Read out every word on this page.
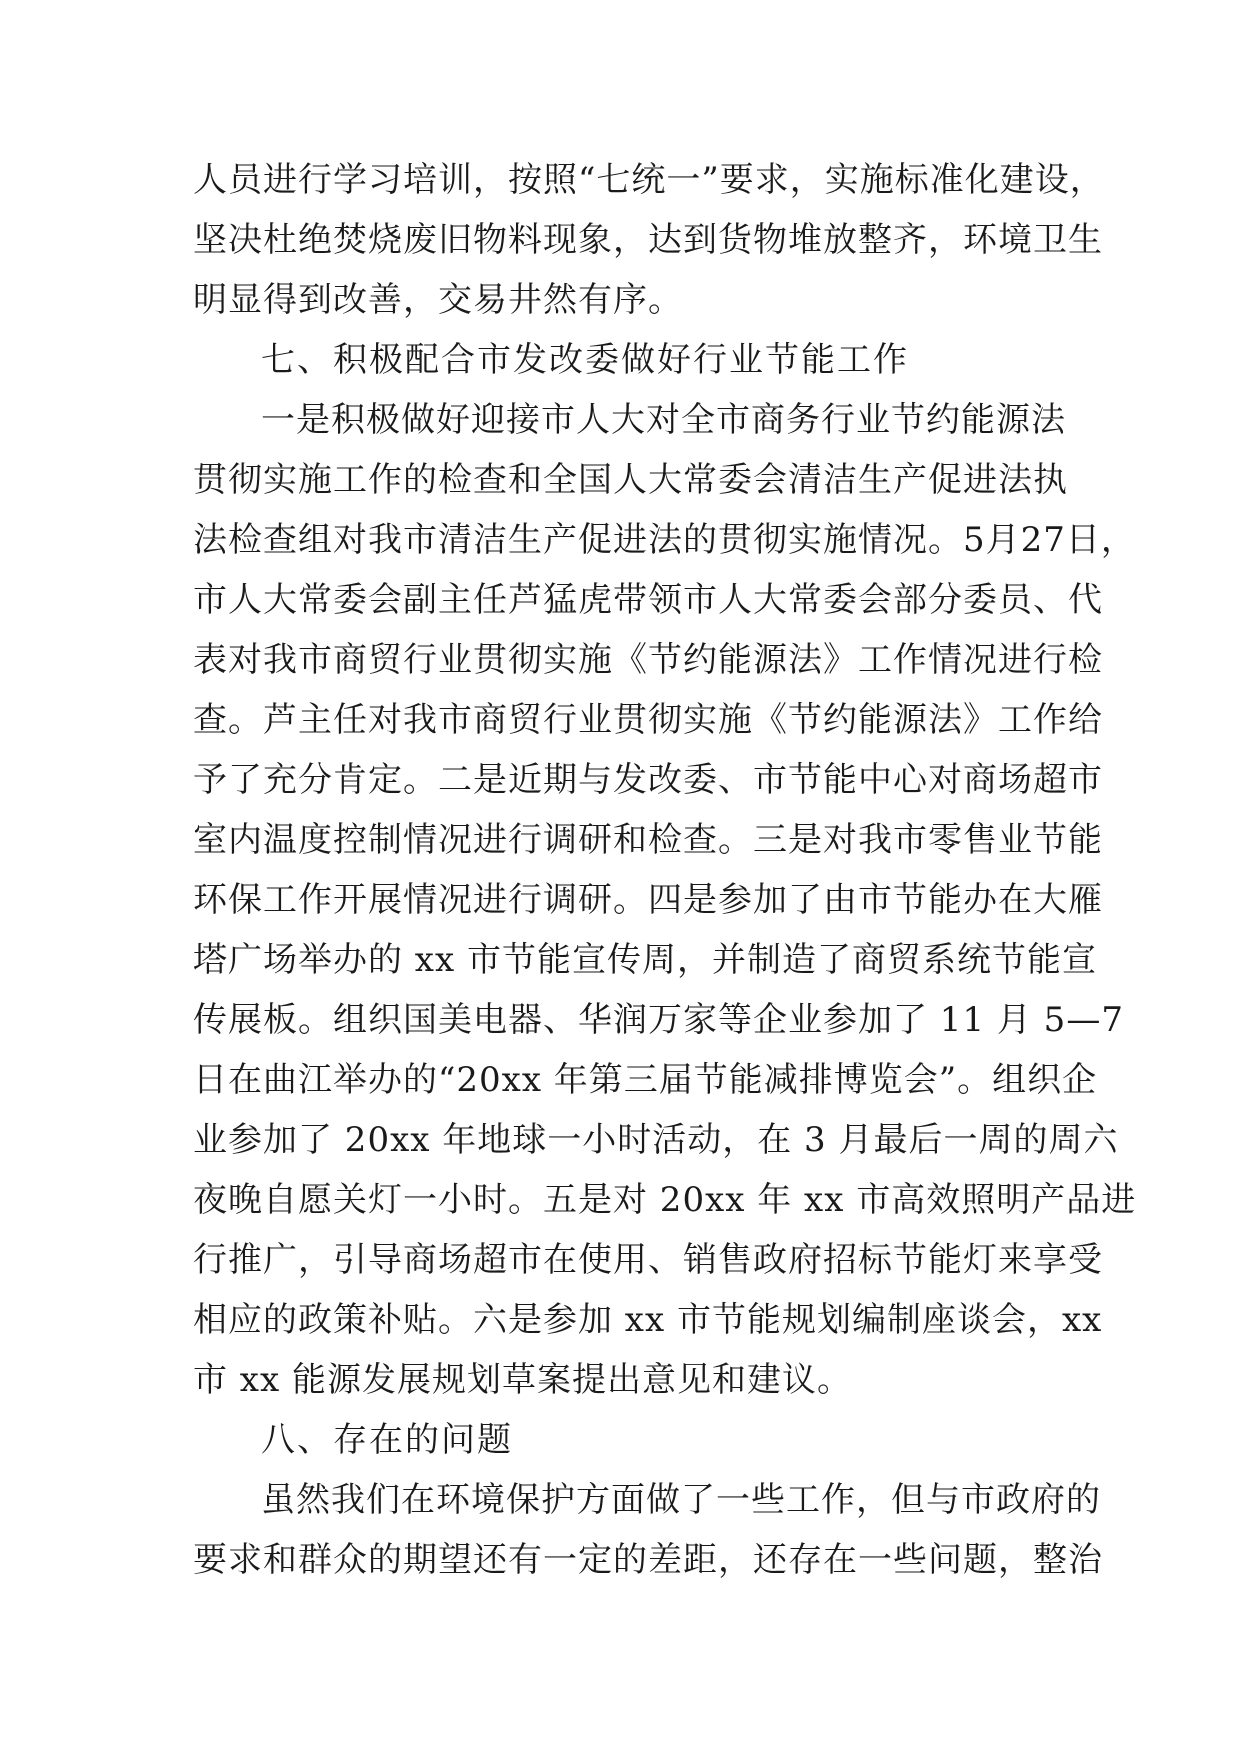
人员进行学习培训，按照“七统一”要求，实施标准化建设，
坚决杜绝焚烧废旧物料现象，达到货物堆放整齐，环境卫生
明显得到改善，交易井然有序。
七、积极配合市发改委做好行业节能工作
一是积极做好迎接市人大对全市商务行业节约能源法
贯彻实施工作的检查和全国人大常委会清洁生产促进法执
法检查组对我市清洁生产促进法的贯彻实施情况。5月27日，
市人大常委会副主任芦猛虎带领市人大常委会部分委员、代
表对我市商贸行业贯彻实施《节约能源法》工作情况进行检
查。芦主任对我市商贸行业贯彻实施《节约能源法》工作给
予了充分肯定。二是近期与发改委、市节能中心对商场超市
室内温度控制情况进行调研和检查。三是对我市零售业节能
环保工作开展情况进行调研。四是参加了由市节能办在大雁
塔广场举办的 xx 市节能宣传周，并制造了商贸系统节能宣
传展板。组织国美电器、华润万家等企业参加了 11 月 5—7
日在曲江举办的“20xx 年第三届节能减排博览会”。组织企
业参加了 20xx 年地球一小时活动，在 3 月最后一周的周六
夜晚自愿关灯一小时。五是对 20xx 年 xx 市高效照明产品进
行推广，引导商场超市在使用、销售政府招标节能灯来享受
相应的政策补贴。六是参加 xx 市节能规划编制座谈会，xx
市 xx 能源发展规划草案提出意见和建议。
八、存在的问题
虽然我们在环境保护方面做了一些工作，但与市政府的
要求和群众的期望还有一定的差距，还存在一些问题，整治
